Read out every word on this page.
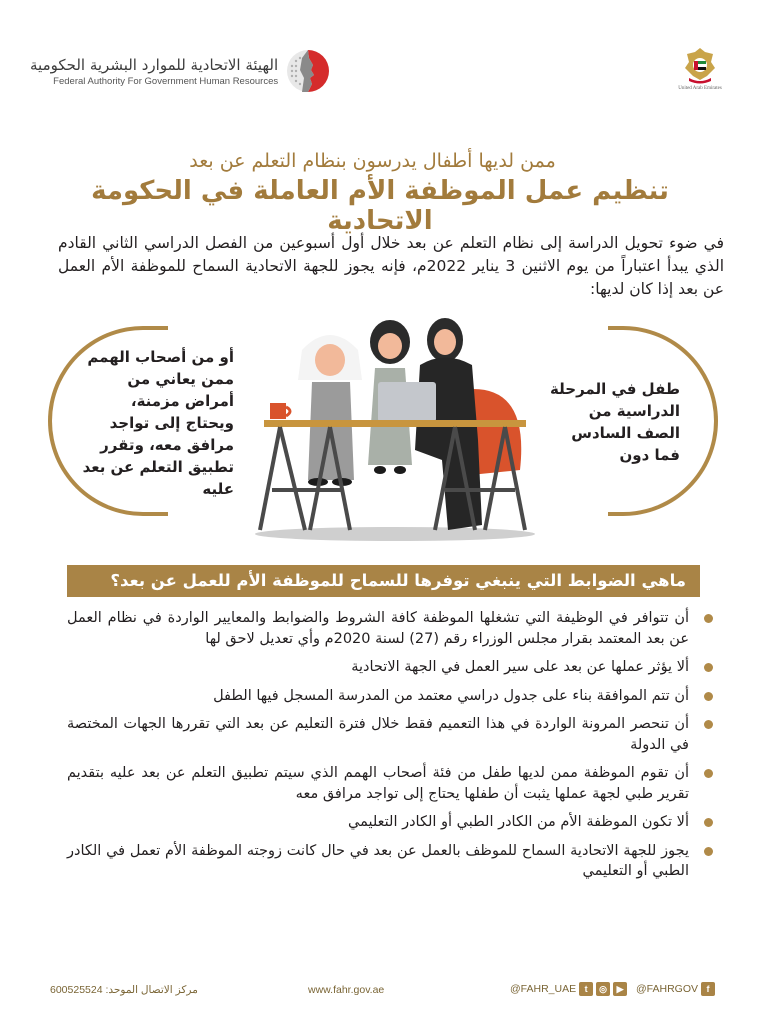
الهيئة الاتحادية للموارد البشرية الحكومية
Federal Authority For Government Human Resources
United Arab Emirates
ممن لديها أطفال يدرسون بنظام التعلم عن بعد
تنظيم عمل الموظفة الأم العاملة في الحكومة الاتحادية

في ضوء تحويل الدراسة إلى نظام التعلم عن بعد خلال أول أسبوعين من الفصل الدراسي الثاني القادم الذي يبدأ اعتباراً من يوم الاثنين 3 يناير 2022م، فإنه يجوز للجهة الاتحادية السماح للموظفة الأم العمل عن بعد إذا كان لديها:

أو من أصحاب الهمم ممن يعاني من أمراض مزمنة، ويحتاج إلى تواجد مرافق معه، وتقرر تطبيق التعلم عن بعد عليه
طفل في المرحلة الدراسية من الصف السادس فما دون
ماهي الضوابط التي ينبغي توفرها للسماح للموظفة الأم للعمل عن بعد؟
أن تتوافر في الوظيفة التي تشغلها الموظفة كافة الشروط والضوابط والمعايير الواردة في نظام العمل عن بعد المعتمد بقرار مجلس الوزراء رقم (27) لسنة 2020م وأي تعديل لاحق لها
ألا يؤثر عملها عن بعد على سير العمل في الجهة الاتحادية
أن تتم الموافقة بناء على جدول دراسي معتمد من المدرسة المسجل فيها الطفل
أن تنحصر المرونة الواردة في هذا التعميم فقط خلال فترة التعليم عن بعد التي تقررها الجهات المختصة في الدولة
أن تقوم الموظفة ممن لديها طفل من فئة أصحاب الهمم الذي سيتم تطبيق التعلم عن بعد عليه بتقديم تقرير طبي لجهة عملها يثبت أن طفلها يحتاج إلى تواجد مرافق معه
ألا تكون الموظفة الأم من الكادر الطبي أو الكادر التعليمي
يجوز للجهة الاتحادية السماح للموظف بالعمل عن بعد في حال كانت زوجته الموظفة الأم تعمل في الكادر الطبي أو التعليمي
مركز الاتصال الموحد: 600525524	www.fahr.gov.ae	@FAHR_UAE t	◎	▶	@FAHRGOV f
